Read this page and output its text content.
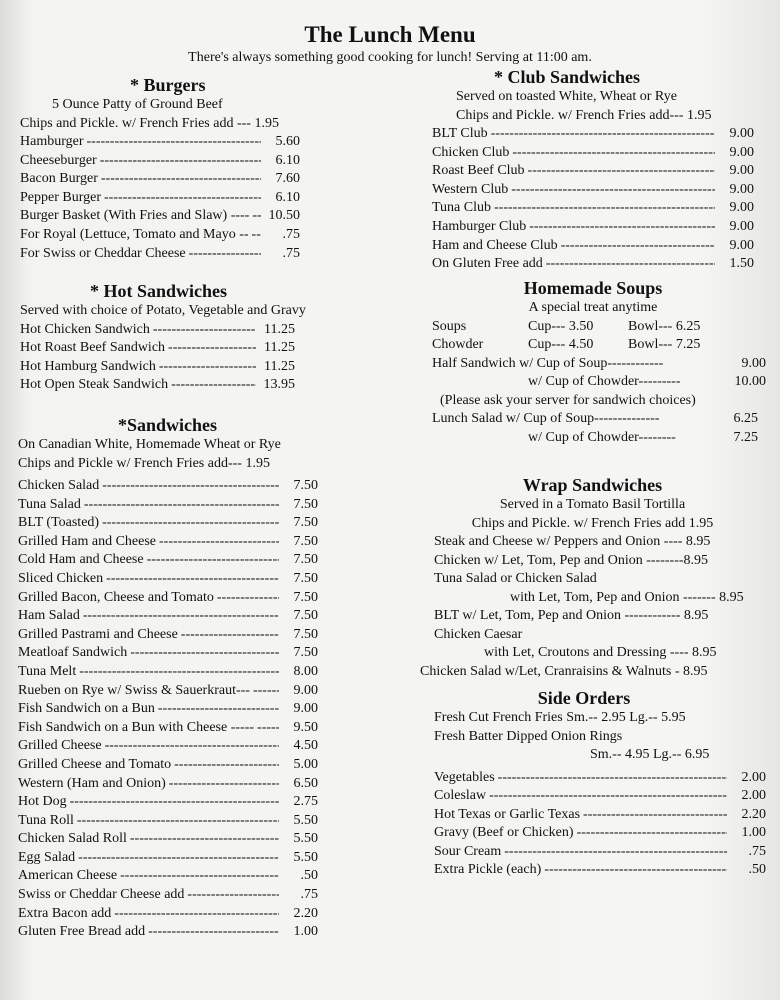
The Lunch Menu
There's always something good cooking for lunch! Serving at 11:00 am.
* Burgers
5 Ounce Patty of Ground Beef
Chips and Pickle. w/ French Fries add --- 1.95
Hamburger -----	5.60
Cheeseburger -----	6.10
Bacon Burger -----	7.60
Pepper Burger -----	6.10
Burger Basket (With Fries and Slaw) ---- -----	10.50
For Royal (Lettuce, Tomato and Mayo -- -----	.75
For Swiss or Cheddar Cheese -----	.75
* Hot Sandwiches
Served with choice of Potato, Vegetable and Gravy
Hot Chicken Sandwich -----	11.25
Hot Roast Beef Sandwich -----	11.25
Hot Hamburg Sandwich -----	11.25
Hot Open Steak Sandwich -----	13.95
*Sandwiches
On Canadian White, Homemade Wheat or Rye
Chips and Pickle w/ French Fries add--- 1.95
Chicken Salad -----	7.50
Tuna Salad -----	7.50
BLT (Toasted) -----	7.50
Grilled Ham and Cheese -----	7.50
Cold Ham and Cheese -----	7.50
Sliced Chicken -----	7.50
Grilled Bacon, Cheese and Tomato -----	7.50
Ham Salad -----	7.50
Grilled Pastrami and Cheese -----	7.50
Meatloaf Sandwich -----	7.50
Tuna Melt -----	8.00
Rueben on Rye w/ Swiss & Sauerkraut--- -----	9.00
Fish Sandwich on a Bun -----	9.00
Fish Sandwich on a Bun with Cheese ----- -----	9.50
Grilled Cheese -----	4.50
Grilled Cheese and Tomato -----	5.00
Western (Ham and Onion) -----	6.50
Hot Dog -----	2.75
Tuna Roll -----	5.50
Chicken Salad Roll -----	5.50
Egg Salad -----	5.50
American Cheese -----	.50
Swiss or Cheddar Cheese add -----	.75
Extra Bacon add -----	2.20
Gluten Free Bread add -----	1.00
* Club Sandwiches
Served on toasted White, Wheat or Rye
Chips and Pickle. w/ French Fries add--- 1.95
BLT Club -----	9.00
Chicken Club -----	9.00
Roast Beef Club -----	9.00
Western Club -----	9.00
Tuna Club -----	9.00
Hamburger Club -----	9.00
Ham and Cheese Club -----	9.00
On Gluten Free add -----	1.50
Homemade Soups
A special treat anytime
Soups	Cup--- 3.50	Bowl--- 6.25
Chowder	Cup--- 4.50	Bowl--- 7.25
Half Sandwich w/ Cup of Soup------------	9.00
w/ Cup of Chowder---------	10.00
(Please ask your server for sandwich choices)
Lunch Salad w/ Cup of Soup--------------	6.25
w/ Cup of Chowder--------	7.25
Wrap Sandwiches
Served in a Tomato Basil Tortilla
Chips and Pickle. w/ French Fries add 1.95
Steak and Cheese w/ Peppers and Onion ---- 8.95
Chicken w/ Let, Tom, Pep and Onion --------8.95
Tuna Salad or Chicken Salad
with Let, Tom, Pep and Onion ------- 8.95
BLT w/ Let, Tom, Pep and Onion ------------ 8.95
Chicken Caesar
with Let, Croutons and Dressing ---- 8.95
Chicken Salad w/Let, Cranraisins & Walnuts - 8.95
Side Orders
Fresh Cut French Fries Sm.-- 2.95 Lg.-- 5.95
Fresh Batter Dipped Onion Rings
Sm.-- 4.95 Lg.-- 6.95
Vegetables -----	2.00
Coleslaw -----	2.00
Hot Texas or Garlic Texas -----	2.20
Gravy (Beef or Chicken) -----	1.00
Sour Cream -----	.75
Extra Pickle (each) -----	.50
